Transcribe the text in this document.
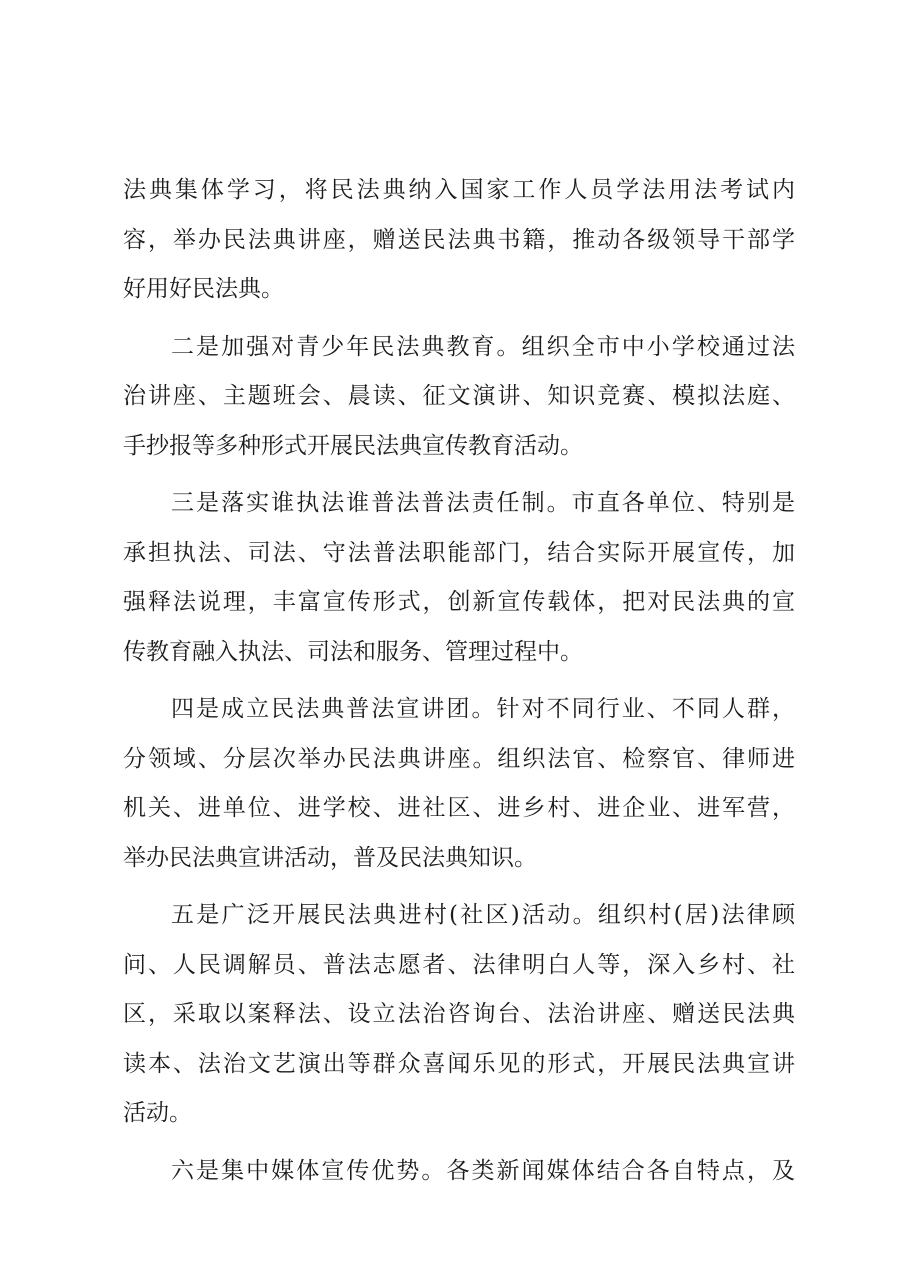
法典集体学习，将民法典纳入国家工作人员学法用法考试内
容，举办民法典讲座，赠送民法典书籍，推动各级领导干部学
好用好民法典。
二是加强对青少年民法典教育。组织全市中小学校通过法
治讲座、主题班会、晨读、征文演讲、知识竞赛、模拟法庭、
手抄报等多种形式开展民法典宣传教育活动。
三是落实谁执法谁普法普法责任制。市直各单位、特别是
承担执法、司法、守法普法职能部门，结合实际开展宣传，加
强释法说理，丰富宣传形式，创新宣传载体，把对民法典的宣
传教育融入执法、司法和服务、管理过程中。
四是成立民法典普法宣讲团。针对不同行业、不同人群，
分领域、分层次举办民法典讲座。组织法官、检察官、律师进
机关、进单位、进学校、进社区、进乡村、进企业、进军营，
举办民法典宣讲活动，普及民法典知识。
五是广泛开展民法典进村(社区)活动。组织村(居)法律顾
问、人民调解员、普法志愿者、法律明白人等，深入乡村、社
区，采取以案释法、设立法治咨询台、法治讲座、赠送民法典
读本、法治文艺演出等群众喜闻乐见的形式，开展民法典宣讲
活动。
六是集中媒体宣传优势。各类新闻媒体结合各自特点，及
